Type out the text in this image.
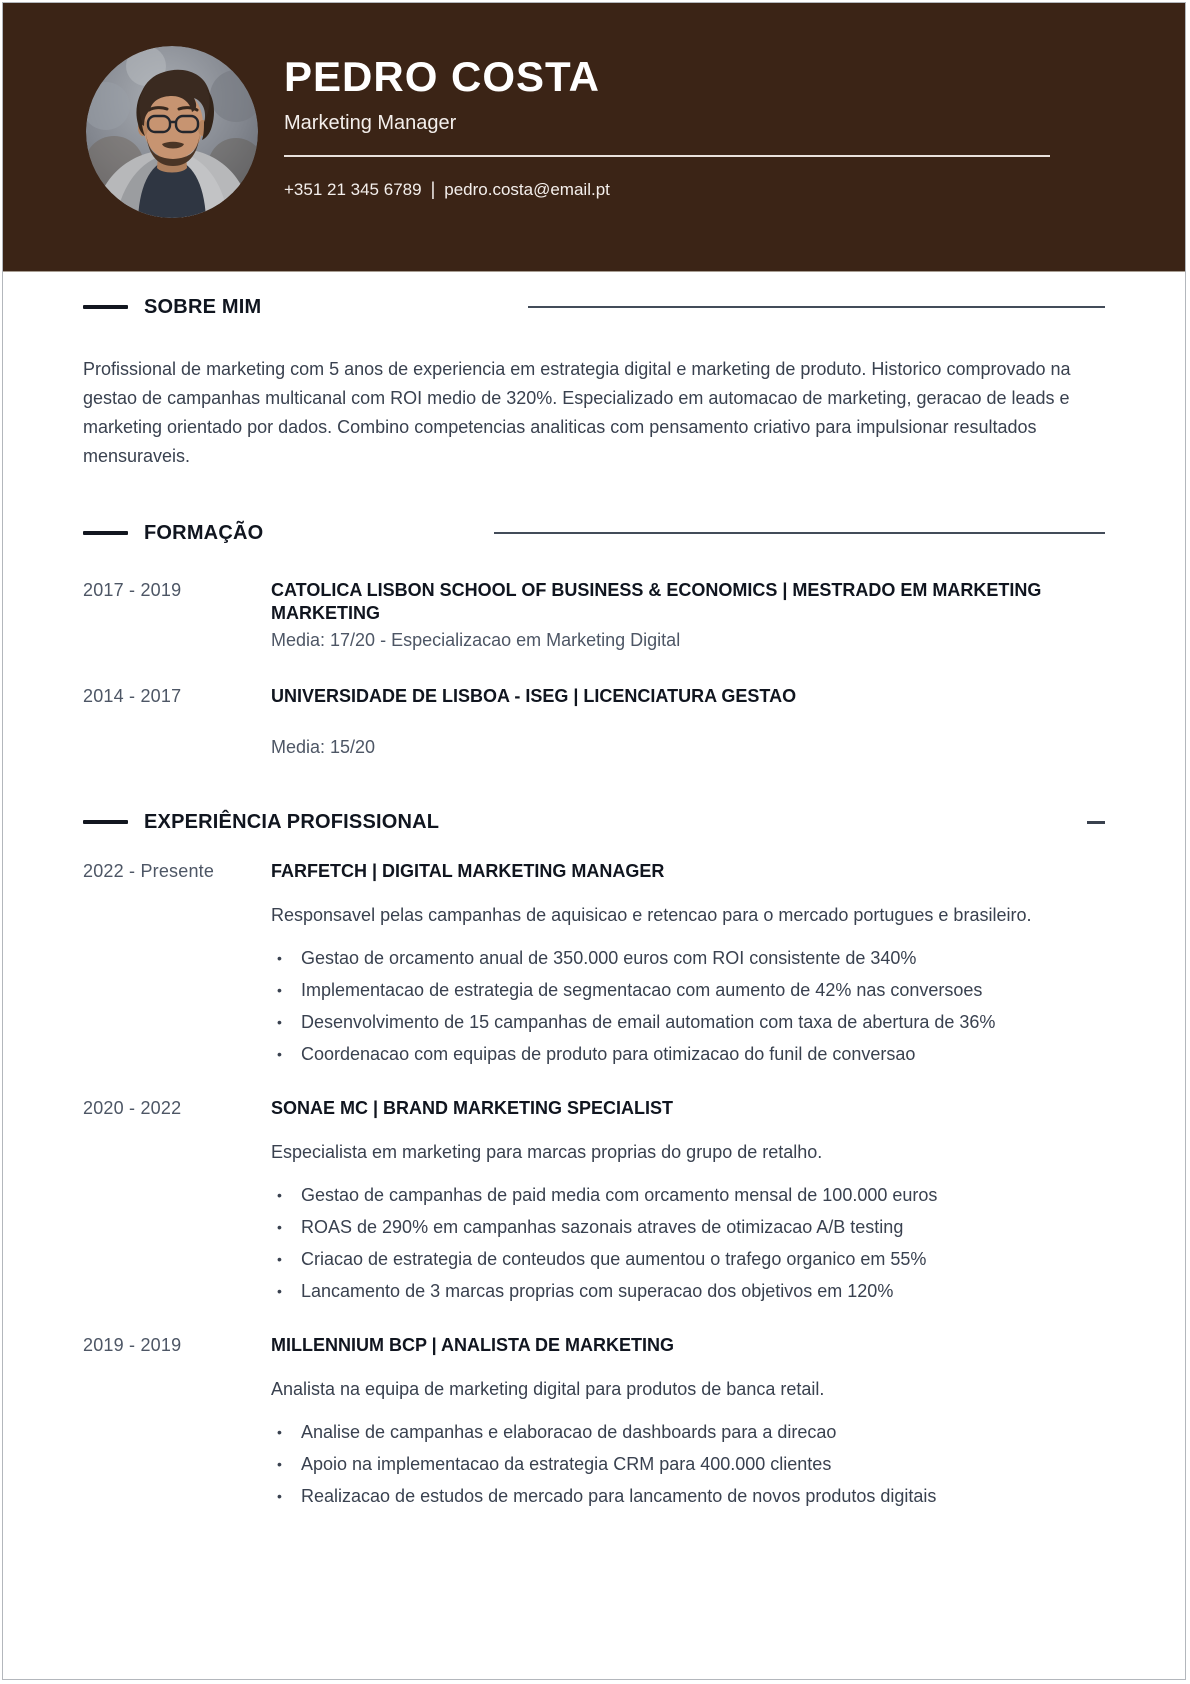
PEDRO COSTA
Marketing Manager
+351 21 345 6789 | pedro.costa@email.pt
SOBRE MIM

Profissional de marketing com 5 anos de experiencia em estrategia digital e marketing de produto. Historico comprovado na gestao de campanhas multicanal com ROI medio de 320%. Especializado em automacao de marketing, geracao de leads e marketing orientado por dados. Combino competencias analiticas com pensamento criativo para impulsionar resultados mensuraveis.

FORMAÇÃO
2017 - 2019	CATOLICA LISBON SCHOOL OF BUSINESS & ECONOMICS | MESTRADO EM MARKETING MARKETING
Media: 17/20 - Especializacao em Marketing Digital
2014 - 2017	UNIVERSIDADE DE LISBOA - ISEG | LICENCIATURA GESTAO
Media: 15/20
EXPERIÊNCIA PROFISSIONAL
2022 - Presente	FARFETCH | DIGITAL MARKETING MANAGER
Responsavel pelas campanhas de aquisicao e retencao para o mercado portugues e brasileiro.
• Gestao de orcamento anual de 350.000 euros com ROI consistente de 340%
• Implementacao de estrategia de segmentacao com aumento de 42% nas conversoes
• Desenvolvimento de 15 campanhas de email automation com taxa de abertura de 36%
• Coordenacao com equipas de produto para otimizacao do funil de conversao
2020 - 2022	SONAE MC | BRAND MARKETING SPECIALIST
Especialista em marketing para marcas proprias do grupo de retalho.
• Gestao de campanhas de paid media com orcamento mensal de 100.000 euros
• ROAS de 290% em campanhas sazonais atraves de otimizacao A/B testing
• Criacao de estrategia de conteudos que aumentou o trafego organico em 55%
• Lancamento de 3 marcas proprias com superacao dos objetivos em 120%
2019 - 2019	MILLENNIUM BCP | ANALISTA DE MARKETING
Analista na equipa de marketing digital para produtos de banca retail.
• Analise de campanhas e elaboracao de dashboards para a direcao
• Apoio na implementacao da estrategia CRM para 400.000 clientes
• Realizacao de estudos de mercado para lancamento de novos produtos digitais
